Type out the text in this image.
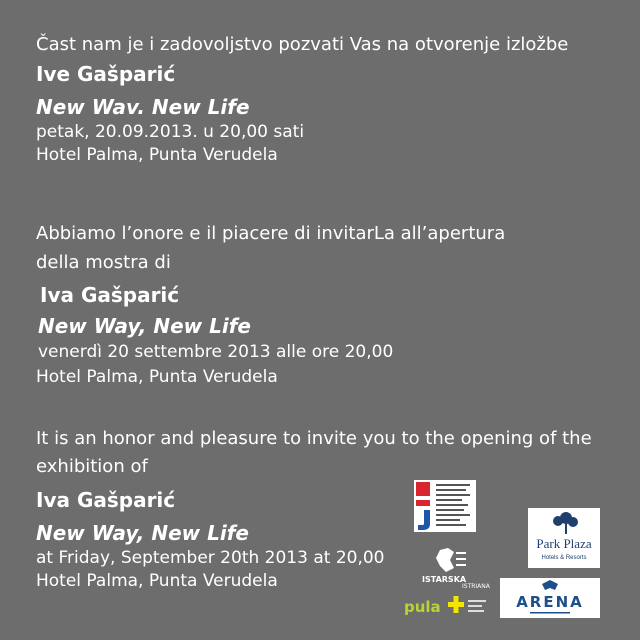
Čast nam je i zadovoljstvo pozvati Vas na otvorenje izložbe
Ive Gašparić
New Wav. New Life
petak, 20.09.2013. u 20,00 sati
Hotel Palma, Punta Verudela
Abbiamo l’onore e il piacere di invitarLa all’apertura
della mostra di
Iva Gašparić
New Way, New Life
venerdì 20 settembre 2013 alle ore 20,00
Hotel Palma, Punta Verudela
It is an honor and pleasure to invite you to the opening of the
exhibition of
Iva Gašparić
New Way, New Life
at Friday, September 20th 2013 at 20,00
Hotel Palma, Punta Verudela
Park Plaza
Hotels & Resorts
ISTARSKA
ISTRIANA
pula	ARENA
